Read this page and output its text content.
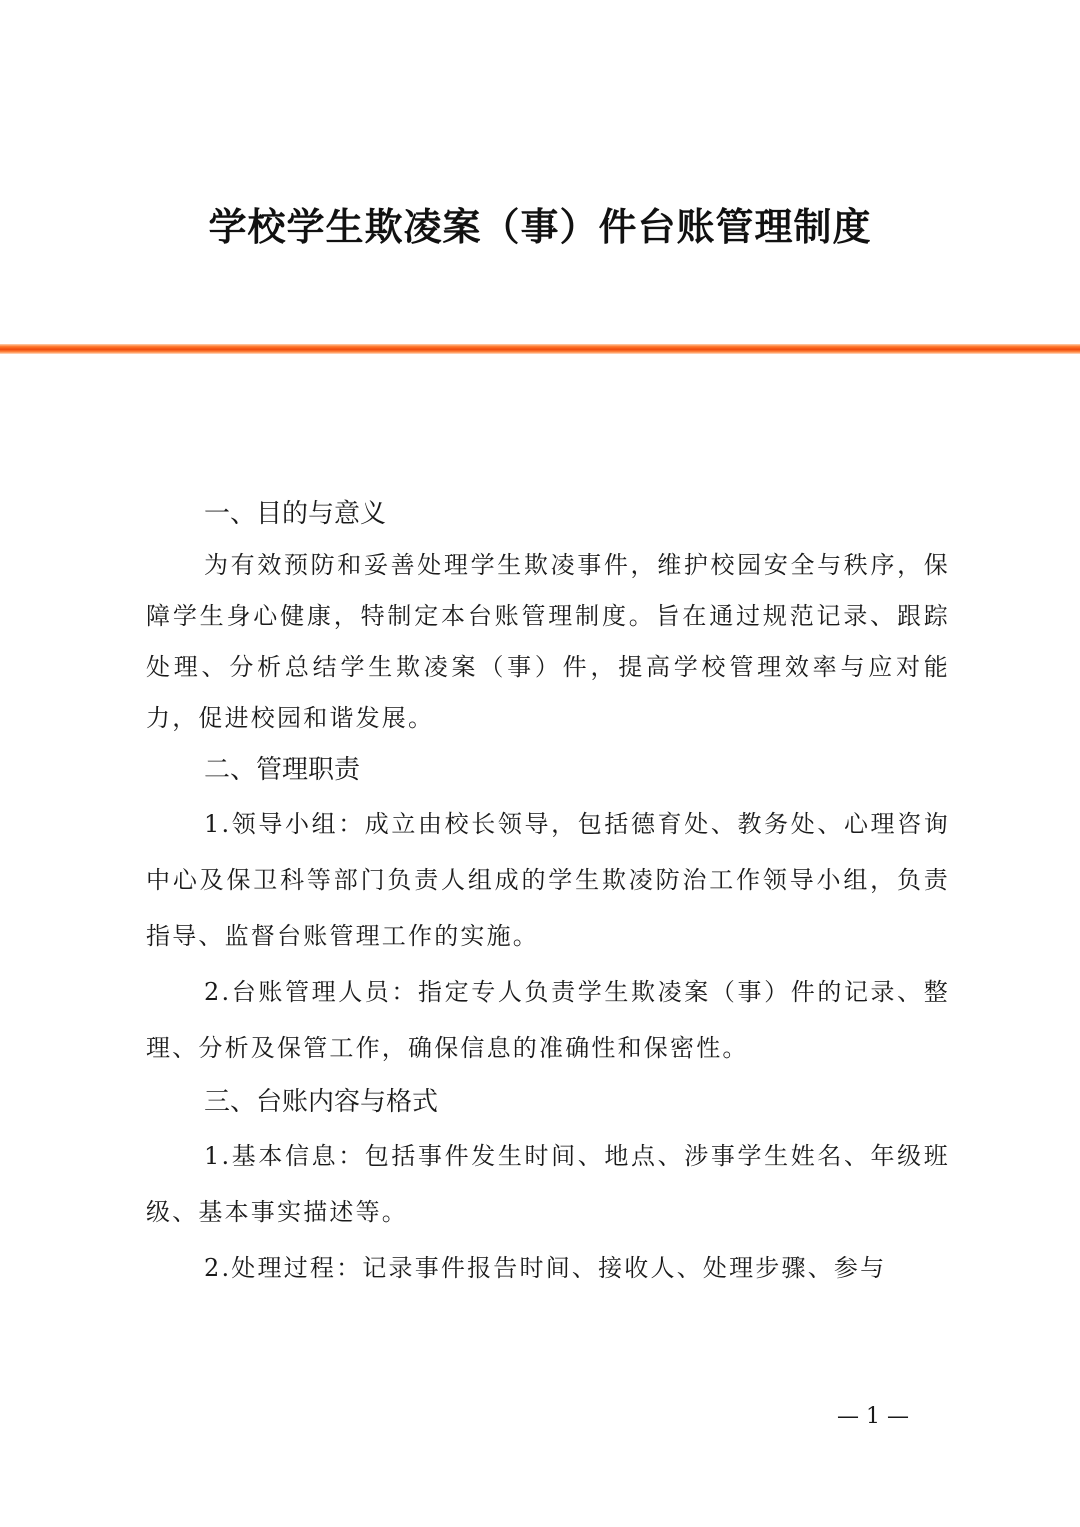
学校学生欺凌案（事）件台账管理制度
一、目的与意义

为有效预防和妥善处理学生欺凌事件，维护校园安全与秩序，保障学生身心健康，特制定本台账管理制度。旨在通过规范记录、跟踪处理、分析总结学生欺凌案（事）件，提高学校管理效率与应对能力，促进校园和谐发展。

二、管理职责

1.领导小组：成立由校长领导，包括德育处、教务处、心理咨询中心及保卫科等部门负责人组成的学生欺凌防治工作领导小组，负责指导、监督台账管理工作的实施。

2.台账管理人员：指定专人负责学生欺凌案（事）件的记录、整理、分析及保管工作，确保信息的准确性和保密性。

三、台账内容与格式

1.基本信息：包括事件发生时间、地点、涉事学生姓名、年级班级、基本事实描述等。

2.处理过程：记录事件报告时间、接收人、处理步骤、参与

— 1 —
